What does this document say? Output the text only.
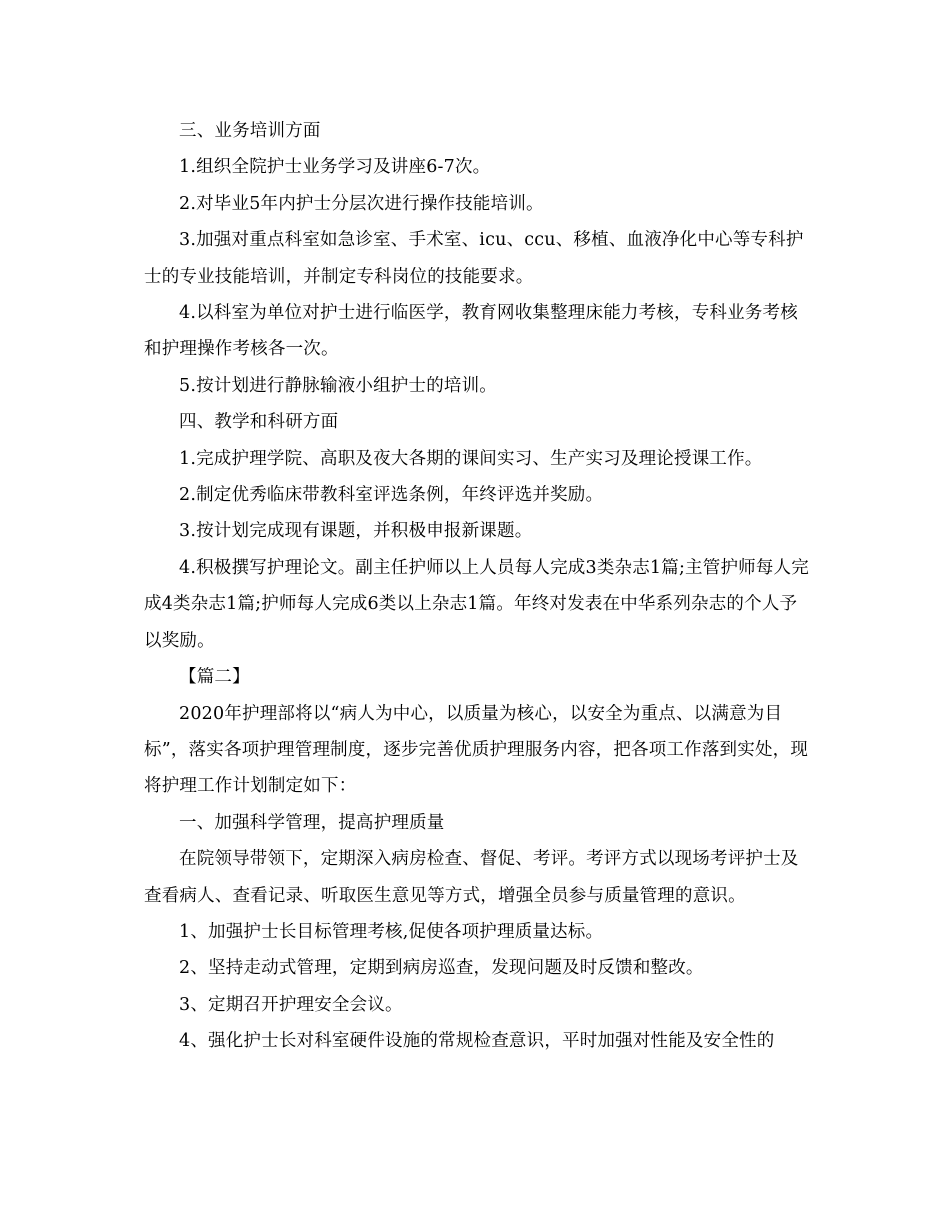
三、业务培训方面

1.组织全院护士业务学习及讲座6-7次。

2.对毕业5年内护士分层次进行操作技能培训。

3.加强对重点科室如急诊室、手术室、icu、ccu、移植、血液净化中心等专科护士的专业技能培训，并制定专科岗位的技能要求。

4.以科室为单位对护士进行临医学，教育网收集整理床能力考核，专科业务考核和护理操作考核各一次。

5.按计划进行静脉输液小组护士的培训。

四、教学和科研方面

1.完成护理学院、高职及夜大各期的课间实习、生产实习及理论授课工作。

2.制定优秀临床带教科室评选条例，年终评选并奖励。

3.按计划完成现有课题，并积极申报新课题。

4.积极撰写护理论文。副主任护师以上人员每人完成3类杂志1篇;主管护师每人完成4类杂志1篇;护师每人完成6类以上杂志1篇。年终对发表在中华系列杂志的个人予以奖励。

【篇二】

2020年护理部将以“病人为中心，以质量为核心，以安全为重点、以满意为目标”，落实各项护理管理制度，逐步完善优质护理服务内容，把各项工作落到实处，现将护理工作计划制定如下：

一、加强科学管理，提高护理质量

在院领导带领下，定期深入病房检查、督促、考评。考评方式以现场考评护士及查看病人、查看记录、听取医生意见等方式，增强全员参与质量管理的意识。

1、加强护士长目标管理考核,促使各项护理质量达标。

2、坚持走动式管理，定期到病房巡查，发现问题及时反馈和整改。

3、定期召开护理安全会议。

4、强化护士长对科室硬件设施的常规检查意识，平时加强对性能及安全性的
